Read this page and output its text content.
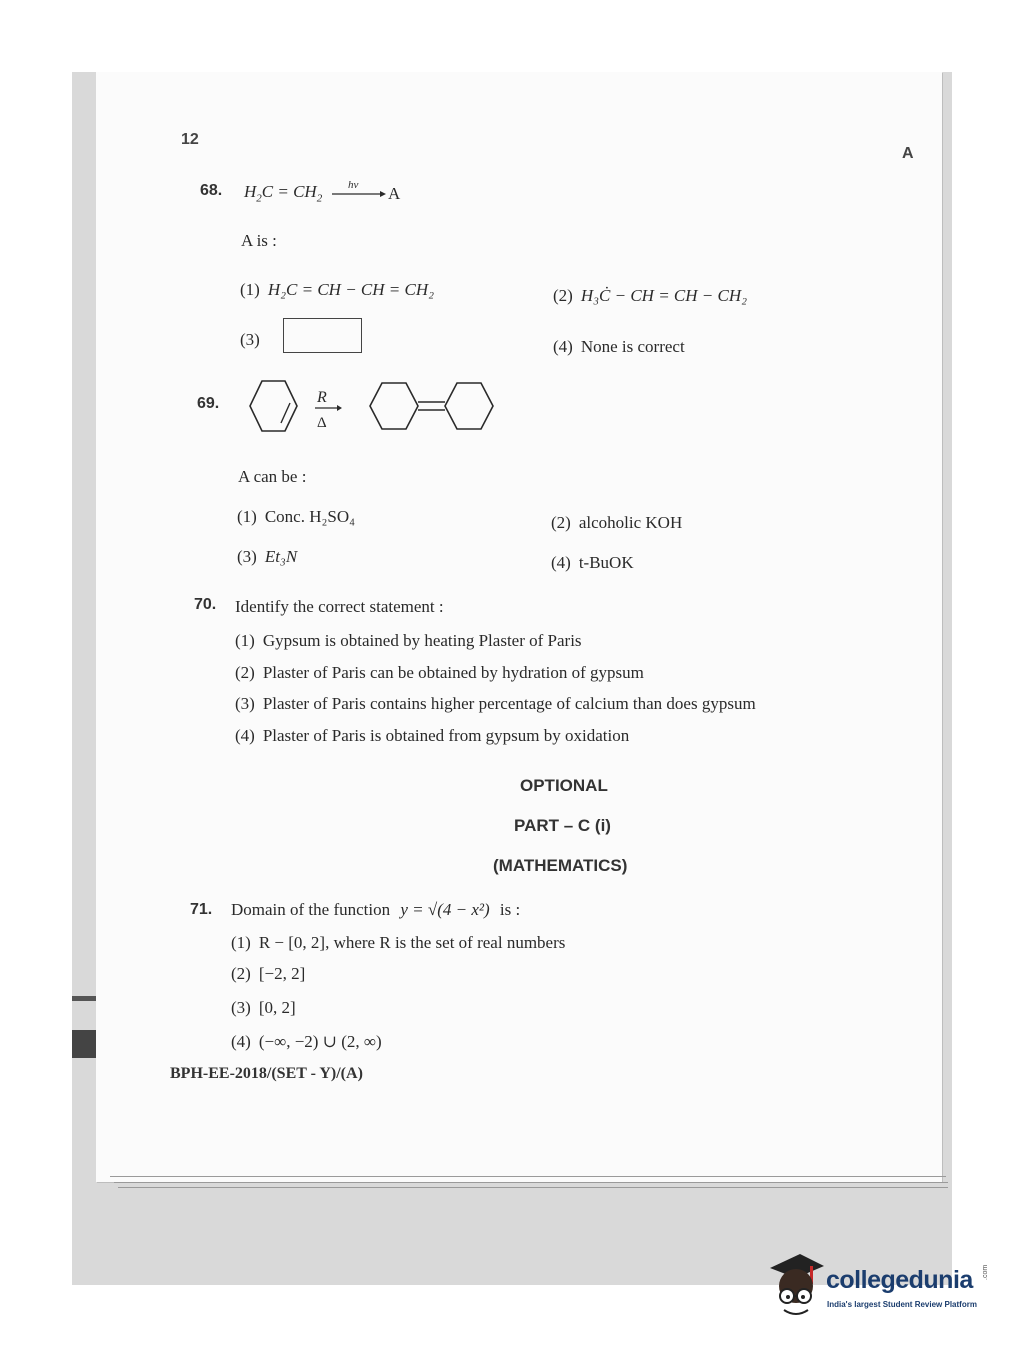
12
A
68. $H_2C = CH_2$
hv A
A is :
(1) H₂C = CH − CH = CH₂	(2) H₃Ċ − CH = CH − CH₂
(3)	(4) None is correct
69.	R
Δ
A can be :
(1) Conc. H₂SO₄	(2) alcoholic KOH
(3) Et₃N	(4) t-BuOK
70. Identify the correct statement :
(1) Gypsum is obtained by heating Plaster of Paris
(2) Plaster of Paris can be obtained by hydration of gypsum
(3) Plaster of Paris contains higher percentage of calcium than does gypsum
(4) Plaster of Paris is obtained from gypsum by oxidation
OPTIONAL
PART – C (i)
(MATHEMATICS)
71. Domain of the function y = √(4 − x²) is :
(1) R − [0, 2], where R is the set of real numbers
(2) [−2, 2]
(3) [0, 2]
(4) (−∞, −2) ∪ (2, ∞)
BPH-EE-2018/(SET - Y)/(A)
collegedunia .com
India's largest Student Review Platform
